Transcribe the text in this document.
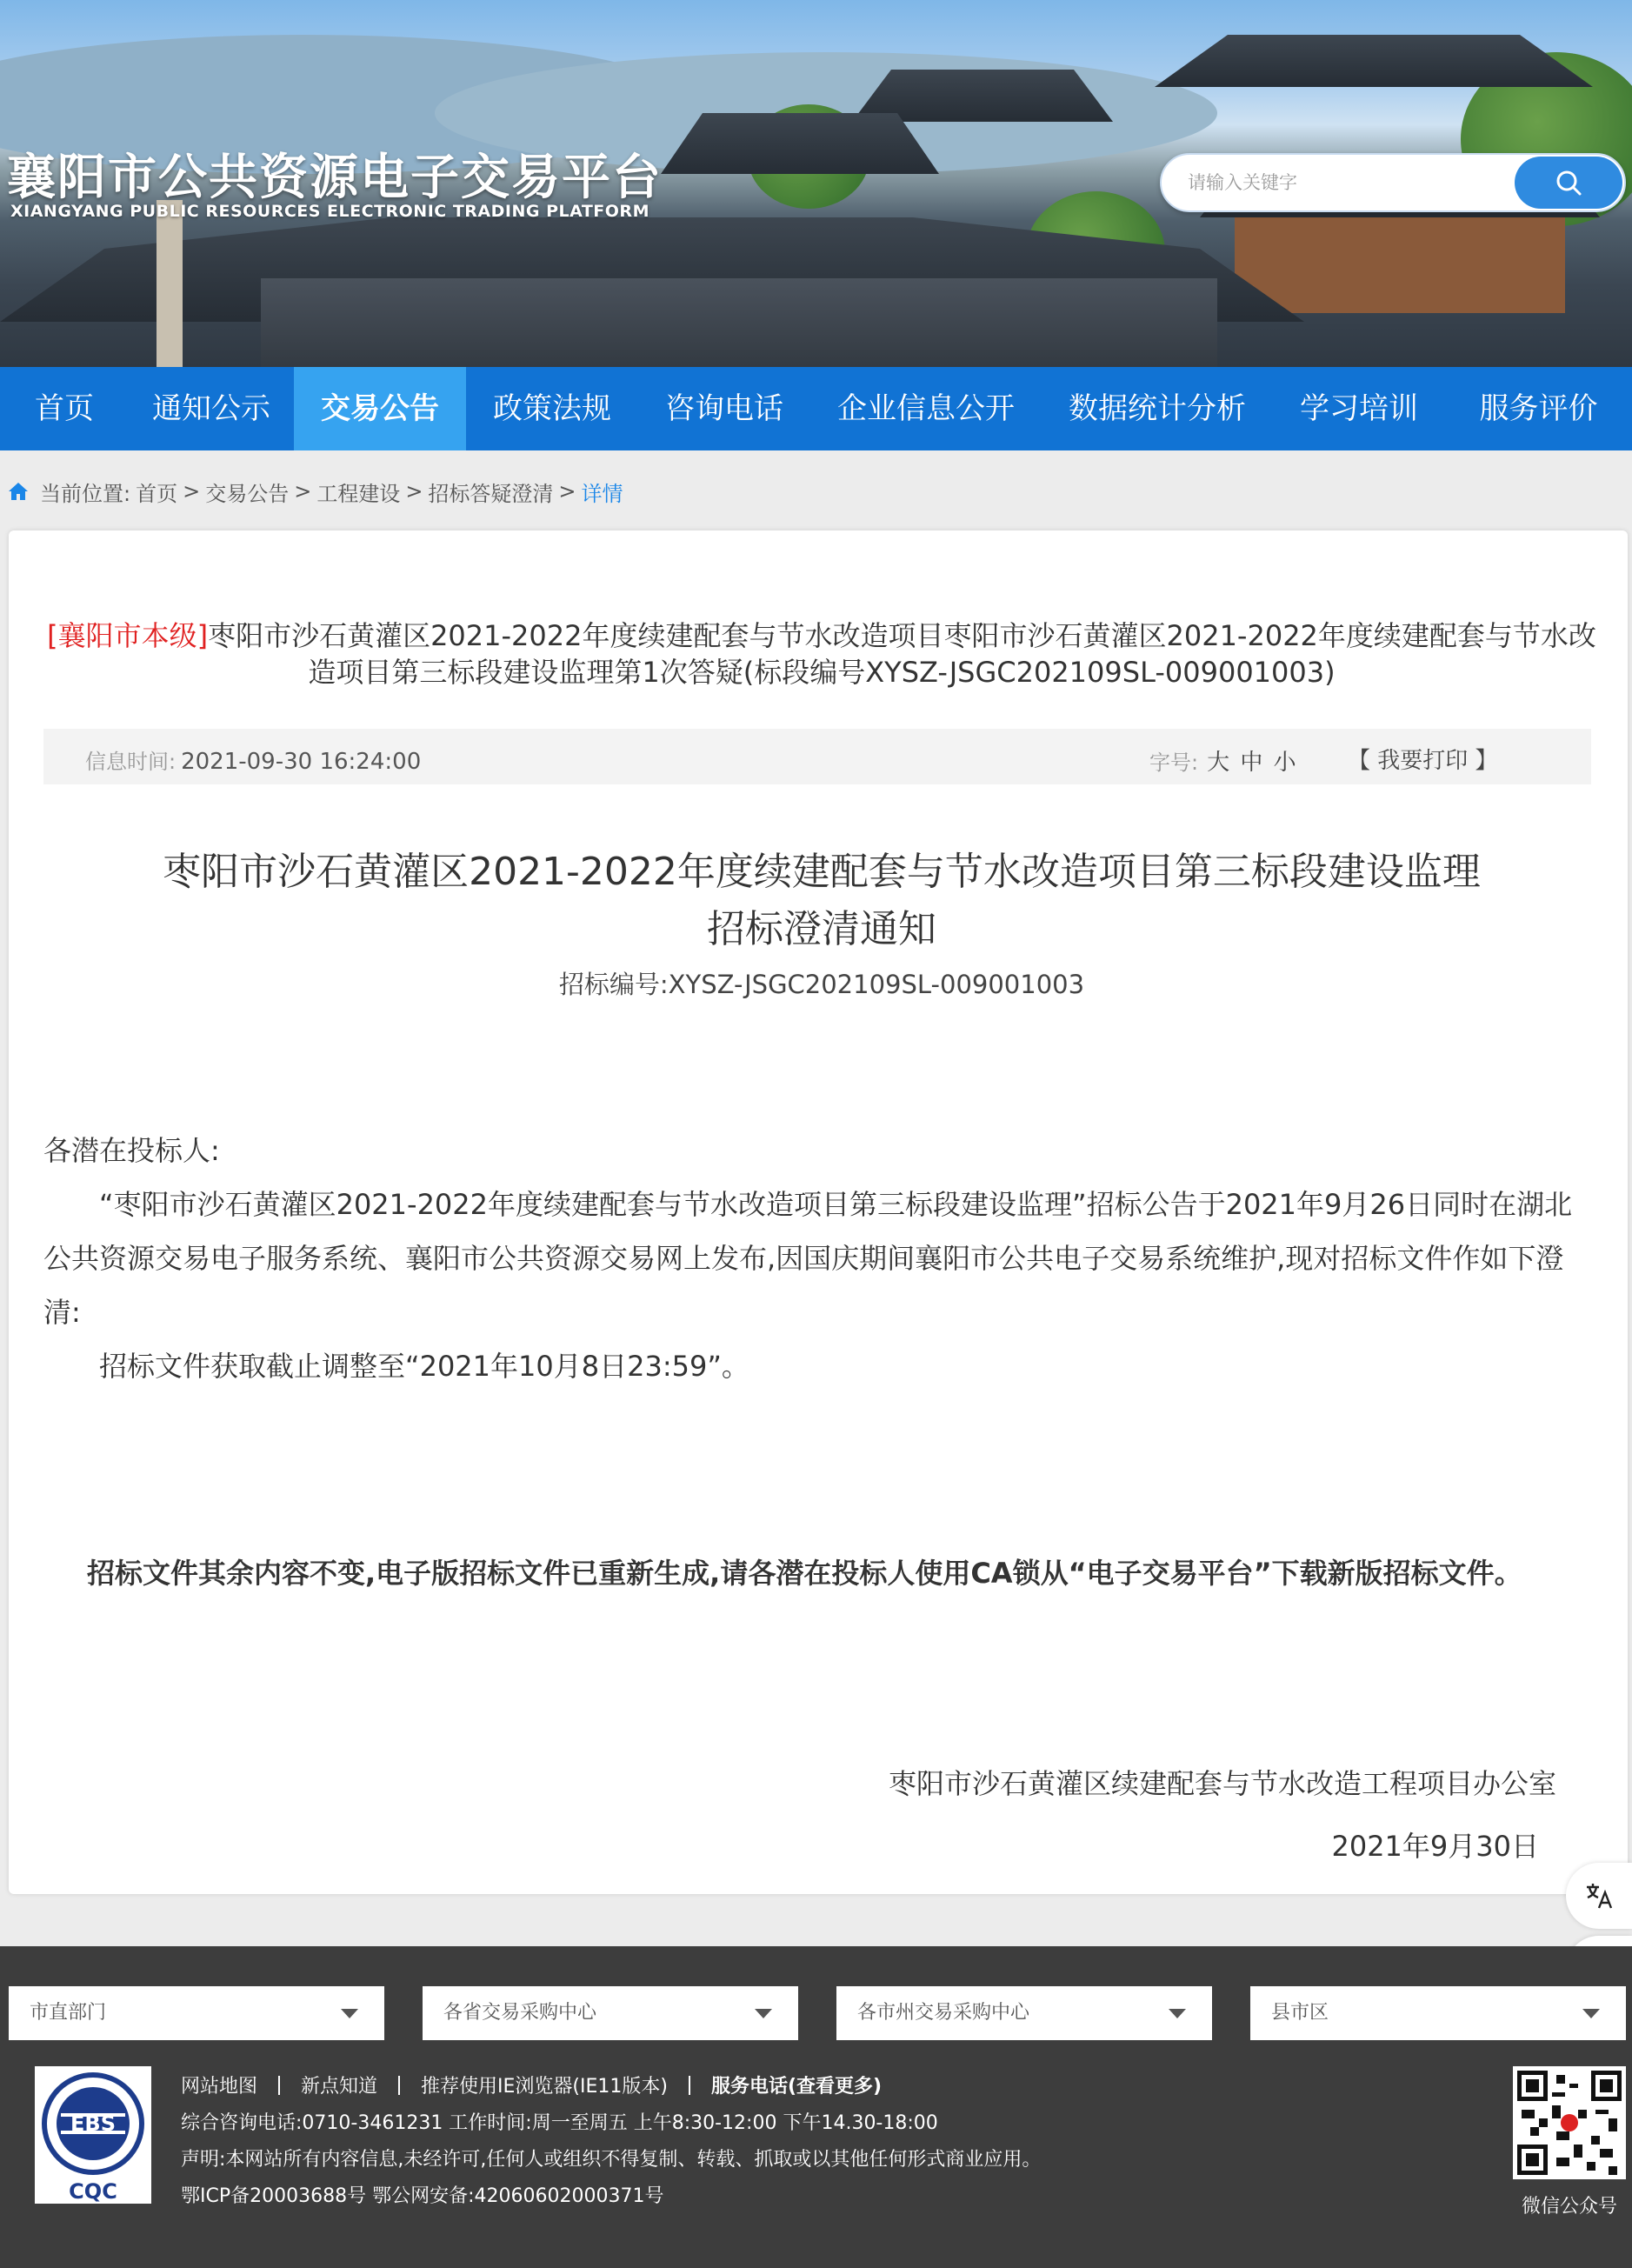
襄阳市公共资源电子交易平台
XIANGYANG PUBLIC RESOURCES ELECTRONIC TRADING PLATFORM
请输入关键字
首页	通知公示	交易公告	政策法规	咨询电话	企业信息公开	数据统计分析	学习培训	服务评价
当前位置: 首页 > 交易公告 > 工程建设 > 招标答疑澄清 > 详情
[襄阳市本级]枣阳市沙石黄灌区2021-2022年度续建配套与节水改造项目枣阳市沙石黄灌区2021-2022年度续建配套与节水改造项目第三标段建设监理第1次答疑(标段编号XYSZ-JSGC202109SL-009001003)
信息时间: 2021-09-30 16:24:00	字号: 大 中 小 【 我要打印 】
枣阳市沙石黄灌区2021-2022年度续建配套与节水改造项目第三标段建设监理
招标澄清通知
招标编号:XYSZ-JSGC202109SL-009001003
各潜在投标人:
“枣阳市沙石黄灌区2021-2022年度续建配套与节水改造项目第三标段建设监理”招标公告于2021年9月26日同时在湖北公共资源交易电子服务系统、襄阳市公共资源交易网上发布,因国庆期间襄阳市公共电子交易系统维护,现对招标文件作如下澄清:
招标文件获取截止调整至“2021年10月8日23:59”。
招标文件其余内容不变,电子版招标文件已重新生成,请各潜在投标人使用CA锁从“电子交易平台”下载新版招标文件。
枣阳市沙石黄灌区续建配套与节水改造工程项目办公室
2021年9月30日
市直部门	各省交易采购中心	各市州交易采购中心	县市区
EBS
CQC
网站地图 新点知道 推荐使用IE浏览器(IE11版本) 服务电话(查看更多)
综合咨询电话:0710-3461231 工作时间:周一至周五 上午8:30-12:00 下午14.30-18:00
声明:本网站所有内容信息,未经许可,任何人或组织不得复制、转载、抓取或以其他任何形式商业应用。
鄂ICP备20003688号 鄂公网安备:42060602000371号	微信公众号
